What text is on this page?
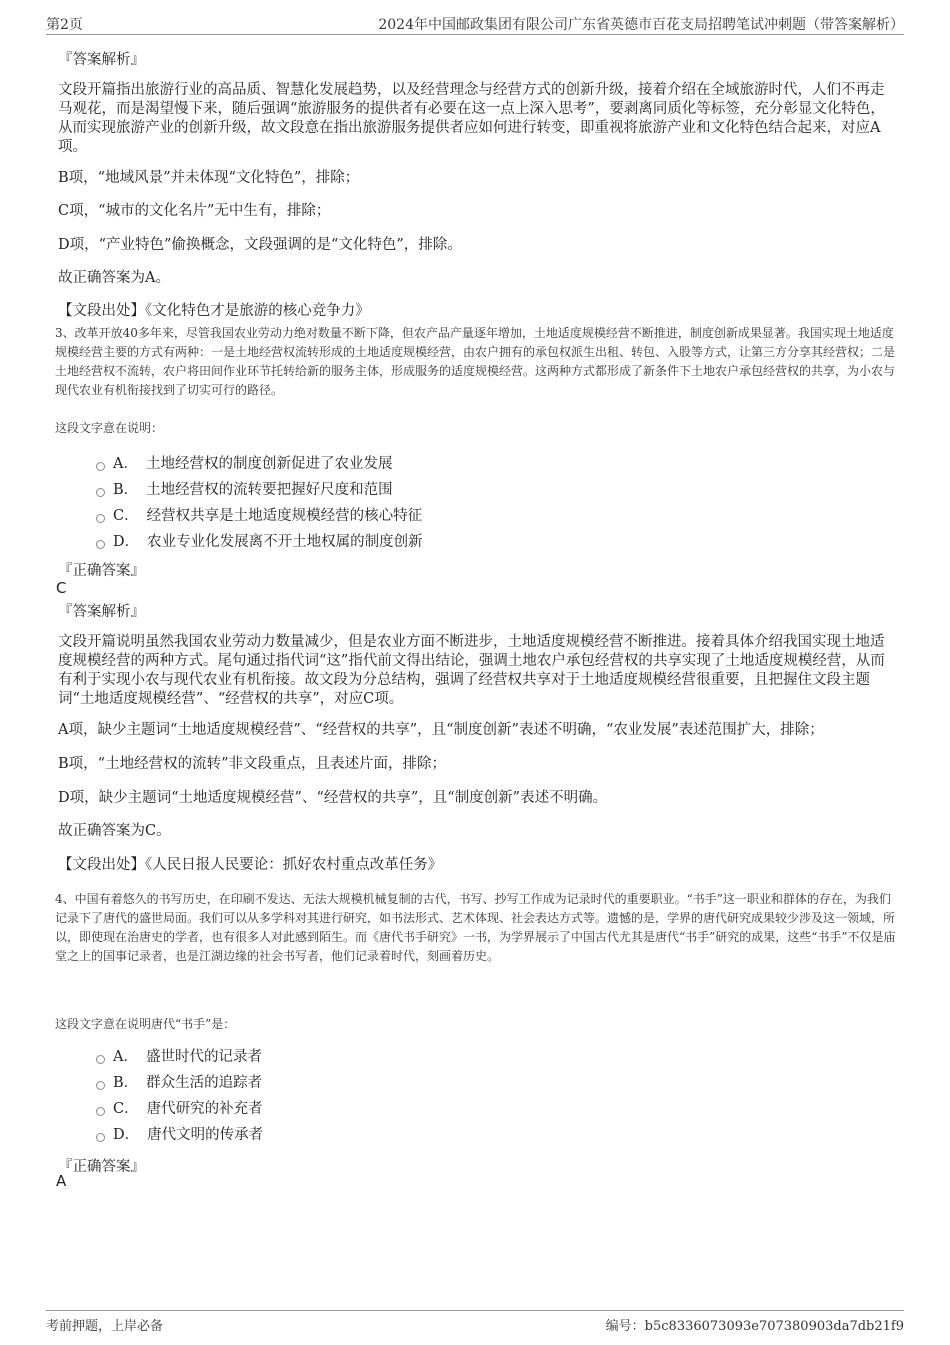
第2页	2024年中国邮政集团有限公司广东省英德市百花支局招聘笔试冲刺题（带答案解析）
『答案解析』

文段开篇指出旅游行业的高品质、智慧化发展趋势，以及经营理念与经营方式的创新升级，接着介绍在全域旅游时代，人们不再走马观花，而是渴望慢下来，随后强调“旅游服务的提供者有必要在这一点上深入思考”，要剥离同质化等标签，充分彰显文化特色，从而实现旅游产业的创新升级，故文段意在指出旅游服务提供者应如何进行转变，即重视将旅游产业和文化特色结合起来，对应A项。

B项，“地域风景”并未体现“文化特色”，排除；

C项，“城市的文化名片”无中生有，排除；

D项，“产业特色”偷换概念，文段强调的是“文化特色”，排除。

故正确答案为A。

【文段出处】《文化特色才是旅游的核心竞争力》

3、改革开放40多年来，尽管我国农业劳动力绝对数量不断下降，但农产品产量逐年增加，土地适度规模经营不断推进，制度创新成果显著。我国实现土地适度规模经营主要的方式有两种：一是土地经营权流转形成的土地适度规模经营，由农户拥有的承包权派生出租、转包、入股等方式，让第三方分享其经营权；二是土地经营权不流转，农户将田间作业环节托转给新的服务主体，形成服务的适度规模经营。这两种方式都形成了新条件下土地农户承包经营权的共享，为小农与现代农业有机衔接找到了切实可行的路径。

这段文字意在说明：

A． 土地经营权的制度创新促进了农业发展
B． 土地经营权的流转要把握好尺度和范围
C． 经营权共享是土地适度规模经营的核心特征
D． 农业专业化发展离不开土地权属的制度创新
『正确答案』
C
『答案解析』

文段开篇说明虽然我国农业劳动力数量减少，但是农业方面不断进步，土地适度规模经营不断推进。接着具体介绍我国实现土地适度规模经营的两种方式。尾句通过指代词“这”指代前文得出结论，强调土地农户承包经营权的共享实现了土地适度规模经营，从而有利于实现小农与现代农业有机衔接。故文段为分总结构，强调了经营权共享对于土地适度规模经营很重要，且把握住文段主题词“土地适度规模经营”、“经营权的共享”，对应C项。

A项，缺少主题词“土地适度规模经营”、“经营权的共享”，且“制度创新”表述不明确，“农业发展”表述范围扩大，排除；

B项，“土地经营权的流转”非文段重点，且表述片面，排除；

D项，缺少主题词“土地适度规模经营”、“经营权的共享”，且“制度创新”表述不明确。

故正确答案为C。

【文段出处】《人民日报人民要论：抓好农村重点改革任务》

4、中国有着悠久的书写历史，在印刷不发达、无法大规模机械复制的古代，书写、抄写工作成为记录时代的重要职业。“书手”这一职业和群体的存在，为我们记录下了唐代的盛世局面。我们可以从多学科对其进行研究，如书法形式、艺术体现、社会表达方式等。遗憾的是，学界的唐代研究成果较少涉及这一领域，所以，即使现在治唐史的学者，也有很多人对此感到陌生。而《唐代书手研究》一书，为学界展示了中国古代尤其是唐代“书手”研究的成果，这些“书手”不仅是庙堂之上的国事记录者，也是江湖边缘的社会书写者，他们记录着时代，刻画着历史。

这段文字意在说明唐代“书手”是：

A． 盛世时代的记录者
B． 群众生活的追踪者
C． 唐代研究的补充者
D． 唐代文明的传承者
『正确答案』
A
考前押题，上岸必备	编号：b5c8336073093e707380903da7db21f9
